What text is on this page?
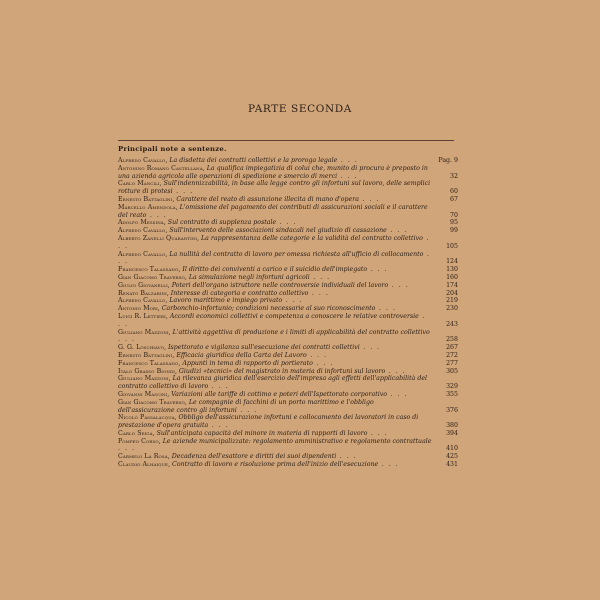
PARTE SECONDA
Principali note a sentenze.
Alfredo Cavallo, La disdetta dei contratti collettivi e la proroga legale . . .	Pag. 9
Antonino Romano Castellana, La qualifica impiegatizia di colui che, munito di procura è preposto in una azienda agricola alle operazioni di spedizione e smercio di merci . . .	32
Carlo Mancili, Sull'indennizzabilità, in base alla legge contro gli infortuni sul lavoro, delle semplici rotture di protesi . . .	60
Ernesto Battaglini, Carattere del reato di assunzione illecita di mano d'opera . . .	67
Marcello Amendola, L'omissione del pagamento dei contributi di assicurazioni sociali e il carattere del reato . . .	70
Adolfo Messina, Sul contratto di supplenza postale . . .	95
Alfredo Cavallo, Sull'intervento delle associazioni sindacali nel giudizio di cassazione . . .	99
Alberto Zanelli Quarantini, La rappresentanza delle categorie e la validità del contratto collettivo . . .	105
Alfredo Cavallo, La nullità del contratto di lavoro per omessa richiesta all'ufficio di collocamento . . .	124
Francesco Talassano, Il diritto dei conviventi a carico e il suicidio dell'impiegato . . .	130
Gian Giacomo Traverso, La simulazione negli infortuni agricoli . . .	160
Giulio Giovanelli, Poteri dell'organo istruttore nelle controversie individuali del lavoro . . .	174
Renato Balzarini, Interesse di categoria e contratto collettivo . . .	204
Alfredo Cavallo, Lavoro marittimo e impiego privato . . .	219
Antonio Mori, Carbonchio-infortunio; condizioni necessarie al suo riconoscimento . . .	230
Luigi R. Lettieri, Accordi economici collettivi e competenza a conoscere le relative controversie . . .	243
Giuliano Mazzoni, L'attività aggettiva di produzione e i limiti di applicabilità del contratto collettivo . . .	258
G. G. Loschiavo, Ispettorato e vigilanza sull'esecuzione dei contratti collettivi . . .	267
Ernesto Battaglini, Efficacia giuridica della Carta del Lavoro . . .	272
Francesco Talassano, Appunti in tema di rapporto di portierato . . .	277
Italo Grasso Biondi, Giudizi «tecnici» del magistrato in materia di infortuni sul lavoro . . .	305
Giuliano Mazzoni, La rilevanza giuridica dell'esercizio dell'impresa agli effetti dell'applicabilità del contratto collettivo di lavoro . . .	329
Giovanni Mascini, Variazioni alle tariffe di cottimo e poteri dell'Ispettorato corporativo . . .	355
Gian Giacomo Traverso, Le compagnie di facchini di un porto marittimo e l'obbligo dell'assicurazione contro gli infortuni . . .	376
Nicolò Passalacqua, Obbligo dell'assicurazione infortuni e collocamento dei lavoratori in caso di prestazione d'opera gratuita . . .	380
Carlo Seiga, Sull'anticipata capacità del minore in materia di rapporti di lavoro . . .	394
Pompeo Corso, Le aziende municipalizzate: regolamento amministrativo e regolamento contrattuale . . .	410
Carmelo La Rosa, Decadenza dell'esattore e diritti dei suoi dipendenti . . .	425
Claudio Alhaique, Contratto di lavoro e risoluzione prima dell'inizio dell'esecuzione . . .	431
